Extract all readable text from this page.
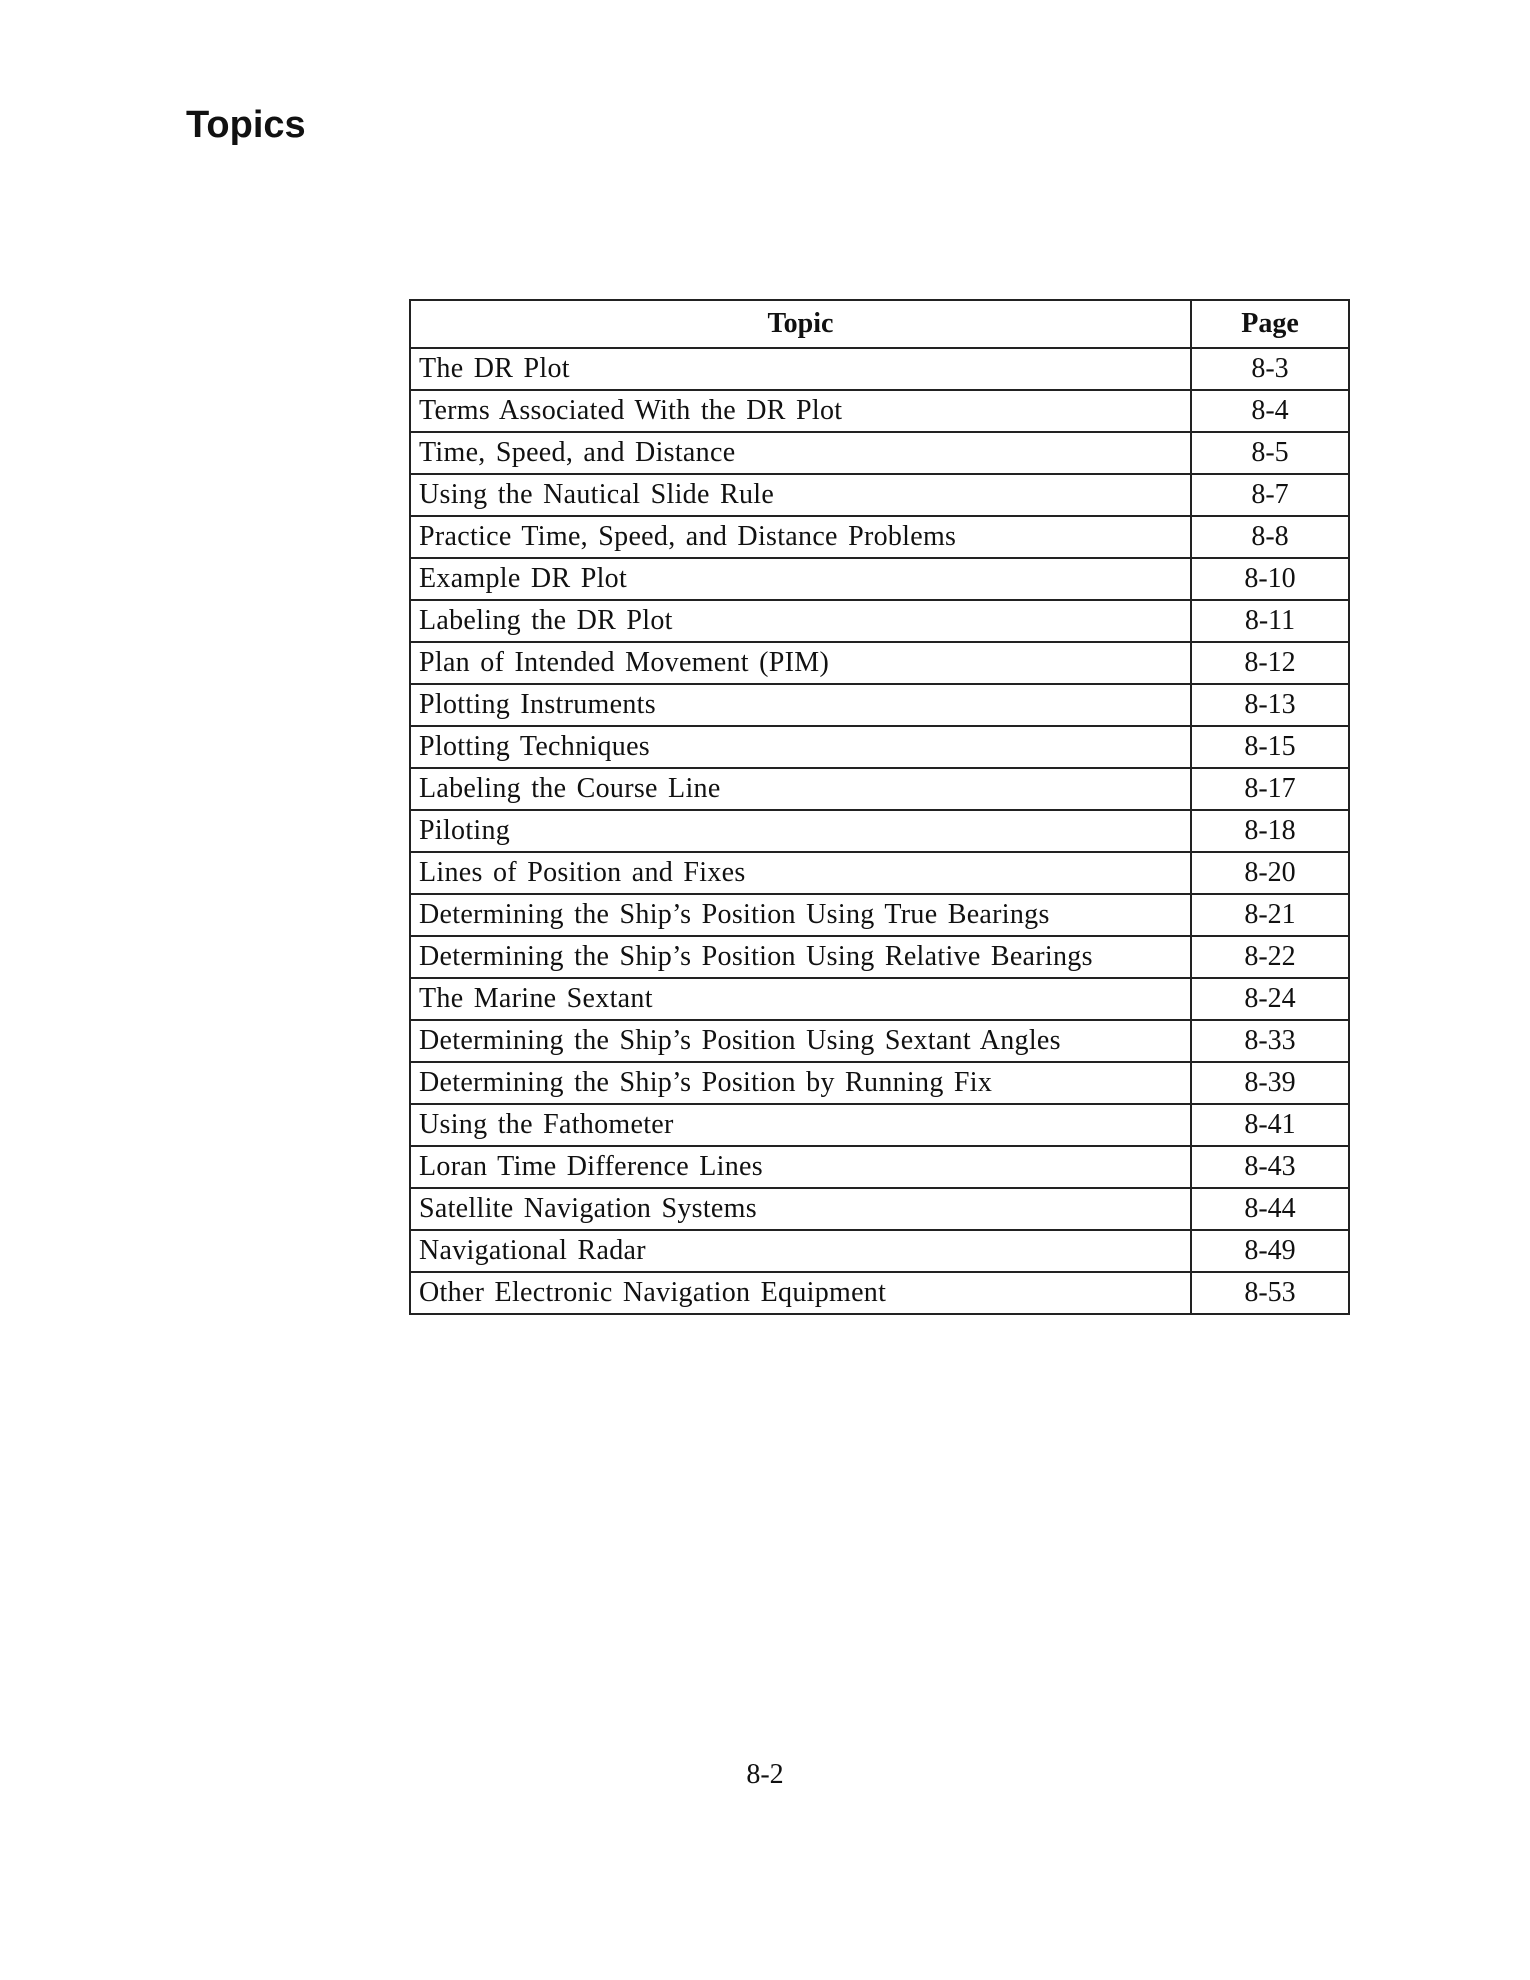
Topics
Topic	Page
The DR Plot	8-3
Terms Associated With the DR Plot	8-4
Time, Speed, and Distance	8-5
Using the Nautical Slide Rule	8-7
Practice Time, Speed, and Distance Problems	8-8
Example DR Plot	8-10
Labeling the DR Plot	8-11
Plan of Intended Movement (PIM)	8-12
Plotting Instruments	8-13
Plotting Techniques	8-15
Labeling the Course Line	8-17
Piloting	8-18
Lines of Position and Fixes	8-20
Determining the Ship’s Position Using True Bearings	8-21
Determining the Ship’s Position Using Relative Bearings	8-22
The Marine Sextant	8-24
Determining the Ship’s Position Using Sextant Angles	8-33
Determining the Ship’s Position by Running Fix	8-39
Using the Fathometer	8-41
Loran Time Difference Lines	8-43
Satellite Navigation Systems	8-44
Navigational Radar	8-49
Other Electronic Navigation Equipment	8-53
8-2
